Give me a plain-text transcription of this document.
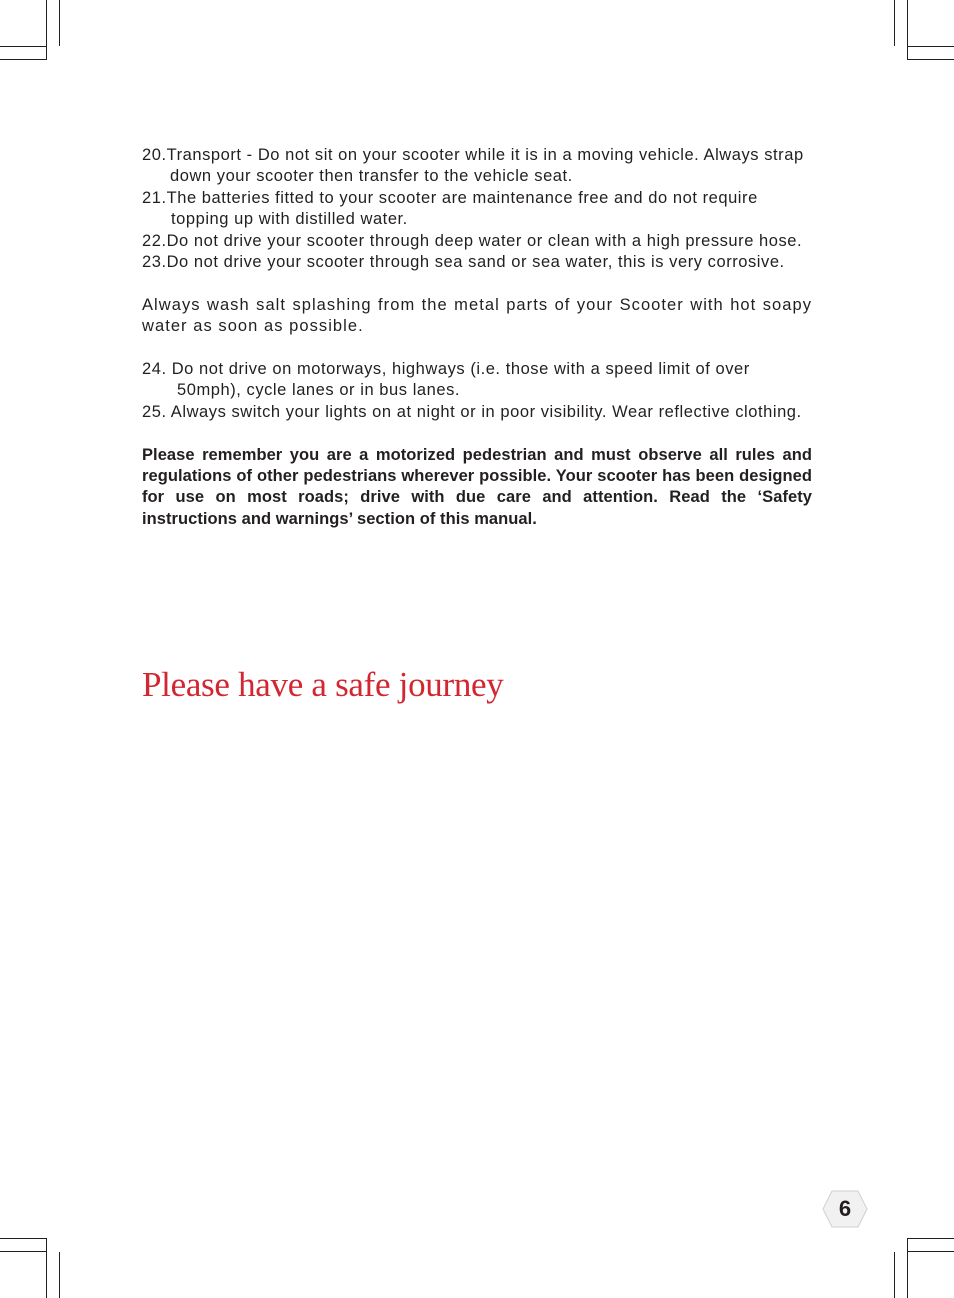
20.Transport - Do not sit on your scooter while it is in a moving vehicle. Always strap down your scooter then transfer to the vehicle seat.

21.The batteries fitted to your scooter are maintenance free and do not require topping up with distilled water.

22.Do not drive your scooter through deep water or clean with a high pressure hose.

23.Do not drive your scooter through sea sand or sea water, this is very corrosive.

Always wash salt splashing from the metal parts of your Scooter with hot soapy water as soon as possible.

24. Do not drive on motorways, highways (i.e. those with a speed limit of over 50mph), cycle lanes or in bus lanes.

25. Always switch your lights on at night or in poor visibility. Wear reflective clothing.

Please remember you are a motorized pedestrian and must observe all rules and regulations of other pedestrians wherever possible. Your scooter has been designed for use on most roads; drive with due care and attention. Read the ‘Safety instructions and warnings’ section of this manual.

Please have a safe journey

6
